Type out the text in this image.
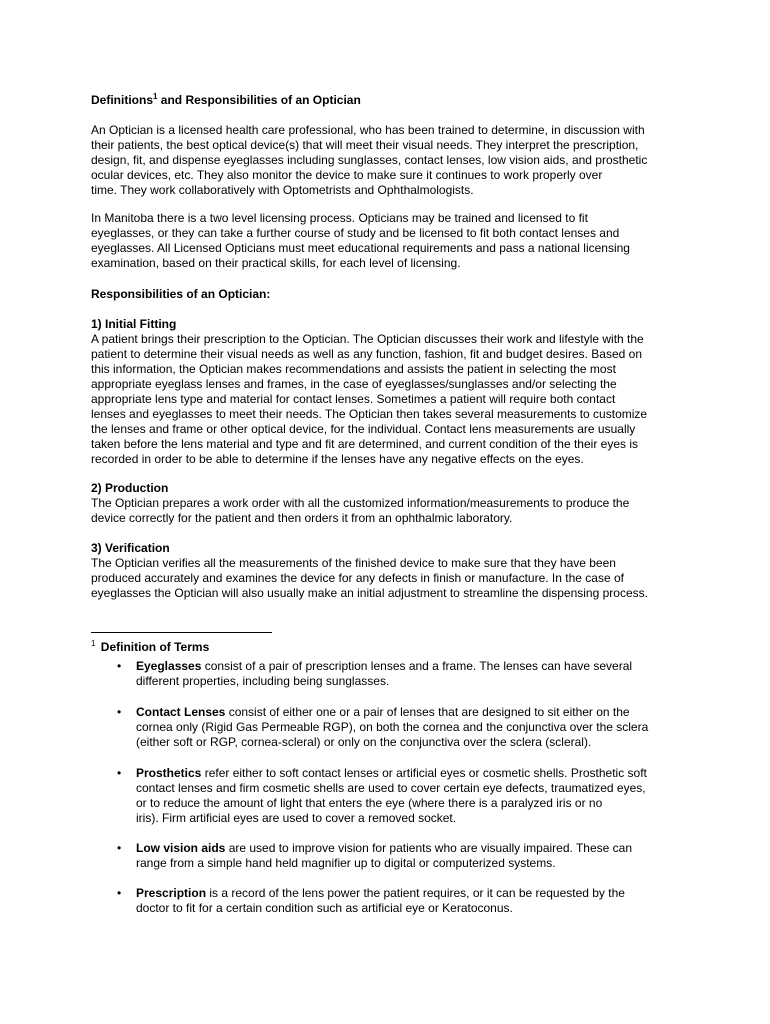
Definitions$^1$ and Responsibilities of an Optician
An Optician is a licensed health care professional, who has been trained to determine, in discussion with
their patients, the best optical device(s) that will meet their visual needs. They interpret the prescription,
design, fit, and dispense eyeglasses including sunglasses, contact lenses, low vision aids, and prosthetic
ocular devices, etc. They also monitor the device to make sure it continues to work properly over
time. They work collaboratively with Optometrists and Ophthalmologists.
In Manitoba there is a two level licensing process. Opticians may be trained and licensed to fit
eyeglasses, or they can take a further course of study and be licensed to fit both contact lenses and
eyeglasses. All Licensed Opticians must meet educational requirements and pass a national licensing
examination, based on their practical skills, for each level of licensing.
Responsibilities of an Optician:
1) Initial Fitting
A patient brings their prescription to the Optician. The Optician discusses their work and lifestyle with the
patient to determine their visual needs as well as any function, fashion, fit and budget desires. Based on
this information, the Optician makes recommendations and assists the patient in selecting the most
appropriate eyeglass lenses and frames, in the case of eyeglasses/sunglasses and/or selecting the
appropriate lens type and material for contact lenses. Sometimes a patient will require both contact
lenses and eyeglasses to meet their needs. The Optician then takes several measurements to customize
the lenses and frame or other optical device, for the individual. Contact lens measurements are usually
taken before the lens material and type and fit are determined, and current condition of the their eyes is
recorded in order to be able to determine if the lenses have any negative effects on the eyes.
2) Production
The Optician prepares a work order with all the customized information/measurements to produce the
device correctly for the patient and then orders it from an ophthalmic laboratory.
3) Verification
The Optician verifies all the measurements of the finished device to make sure that they have been
produced accurately and examines the device for any defects in finish or manufacture. In the case of
eyeglasses the Optician will also usually make an initial adjustment to streamline the dispensing process.
$^1$ Definition of Terms
• Eyeglasses consist of a pair of prescription lenses and a frame. The lenses can have several
different properties, including being sunglasses.
• Contact Lenses consist of either one or a pair of lenses that are designed to sit either on the
cornea only (Rigid Gas Permeable RGP), on both the cornea and the conjunctiva over the sclera
(either soft or RGP, cornea-scleral) or only on the conjunctiva over the sclera (scleral).
• Prosthetics refer either to soft contact lenses or artificial eyes or cosmetic shells. Prosthetic soft
contact lenses and firm cosmetic shells are used to cover certain eye defects, traumatized eyes,
or to reduce the amount of light that enters the eye (where there is a paralyzed iris or no
iris). Firm artificial eyes are used to cover a removed socket.
• Low vision aids are used to improve vision for patients who are visually impaired. These can
range from a simple hand held magnifier up to digital or computerized systems.
• Prescription is a record of the lens power the patient requires, or it can be requested by the
doctor to fit for a certain condition such as artificial eye or Keratoconus.
